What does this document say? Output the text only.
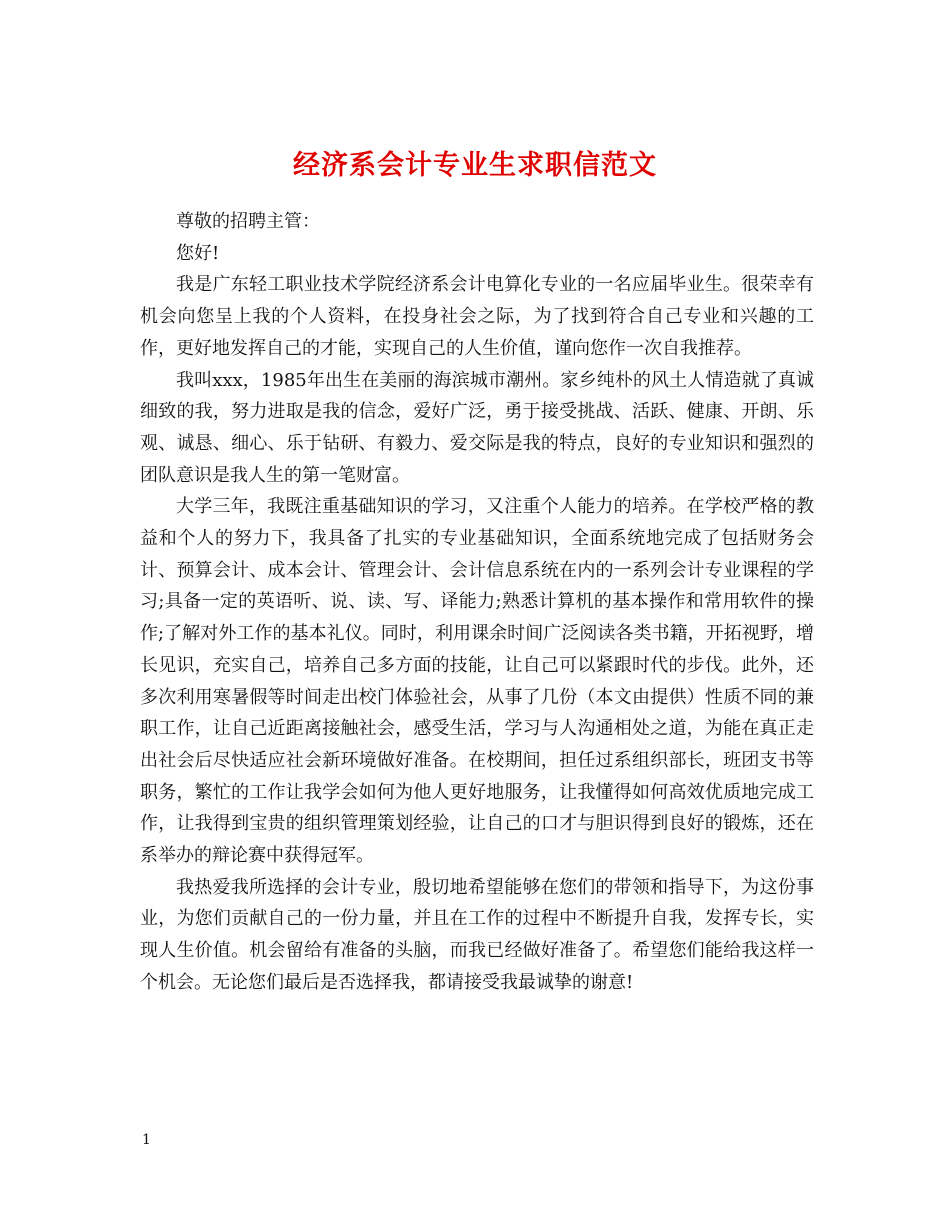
经济系会计专业生求职信范文

尊敬的招聘主管：

您好!

我是广东轻工职业技术学院经济系会计电算化专业的一名应届毕业生。很荣幸有机会向您呈上我的个人资料，在投身社会之际，为了找到符合自己专业和兴趣的工作，更好地发挥自己的才能，实现自己的人生价值，谨向您作一次自我推荐。

我叫xxx，1985年出生在美丽的海滨城市潮州。家乡纯朴的风土人情造就了真诚细致的我，努力进取是我的信念，爱好广泛，勇于接受挑战、活跃、健康、开朗、乐观、诚恳、细心、乐于钻研、有毅力、爱交际是我的特点，良好的专业知识和强烈的团队意识是我人生的第一笔财富。

大学三年，我既注重基础知识的学习，又注重个人能力的培养。在学校严格的教益和个人的努力下，我具备了扎实的专业基础知识，全面系统地完成了包括财务会计、预算会计、成本会计、管理会计、会计信息系统在内的一系列会计专业课程的学习;具备一定的英语听、说、读、写、译能力;熟悉计算机的基本操作和常用软件的操作;了解对外工作的基本礼仪。同时，利用课余时间广泛阅读各类书籍，开拓视野，增长见识，充实自己，培养自己多方面的技能，让自己可以紧跟时代的步伐。此外，还多次利用寒暑假等时间走出校门体验社会，从事了几份（本文由提供）性质不同的兼职工作，让自己近距离接触社会，感受生活，学习与人沟通相处之道，为能在真正走出社会后尽快适应社会新环境做好准备。在校期间，担任过系组织部长，班团支书等职务，繁忙的工作让我学会如何为他人更好地服务，让我懂得如何高效优质地完成工作，让我得到宝贵的组织管理策划经验，让自己的口才与胆识得到良好的锻炼，还在系举办的辩论赛中获得冠军。

我热爱我所选择的会计专业，殷切地希望能够在您们的带领和指导下，为这份事业，为您们贡献自己的一份力量，并且在工作的过程中不断提升自我，发挥专长，实现人生价值。机会留给有准备的头脑，而我已经做好准备了。希望您们能给我这样一个机会。无论您们最后是否选择我，都请接受我最诚挚的谢意!

1
